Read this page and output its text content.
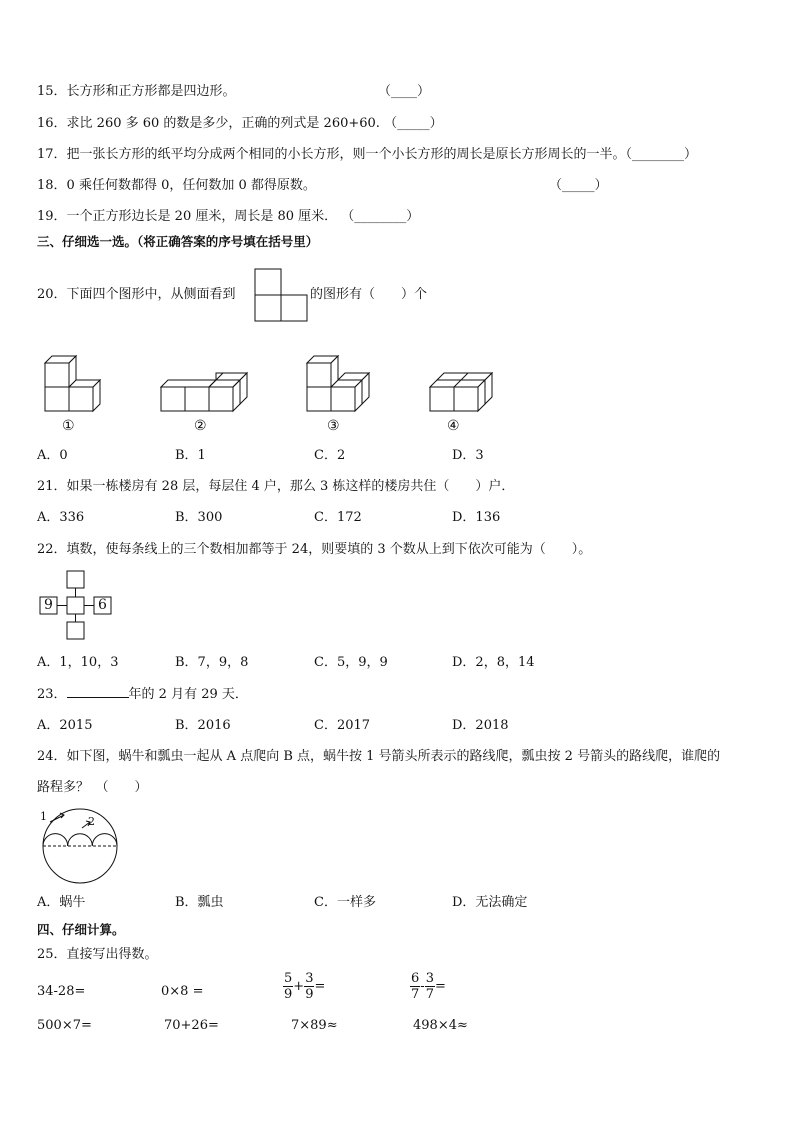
15．长方形和正方形都是四边形。	（____）
16．求比 260 多 60 的数是多少，正确的列式是 260+60. （_____）
17．把一张长方形的纸平均分成两个相同的小长方形，则一个小长方形的周长是原长方形周长的一半。（________）
18．0 乘任何数都得 0，任何数加 0 都得原数。	（_____）
19．一个正方形边长是 20 厘米，周长是 80 厘米． （________）
三、仔细选一选。（将正确答案的序号填在括号里）
20．下面四个图形中，从侧面看到	的图形有（　　）个
①	②	③	④
A．0	B．1	C．2	D．3
21．如果一栋楼房有 28 层，每层住 4 户，那么 3 栋这样的楼房共住（　　）户．
A．336	B．300	C．172	D．136
22．填数，使每条线上的三个数相加都等于 24，则要填的 3 个数从上到下依次可能为（　　）。
9	6
A．1，10，3	B．7，9，8	C．5，9，9	D．2，8，14
23．	年的 2 月有 29 天．
A．2015	B．2016	C．2017	D．2018
24．如下图，蜗牛和瓢虫一起从 A 点爬向 B 点，蜗牛按 1 号箭头所表示的路线爬，瓢虫按 2 号箭头的路线爬，谁爬的
路程多？　（　　）
1	2
A．蜗牛	B．瓢虫	C．一样多	D．无法确定
四、仔细计算。
25．直接写出得数。
34-28=	0×8 =	$\frac{5}{9} + \frac{3}{9}$ =	$\frac{6}{7} - \frac{3}{7}$ =
500×7=	70+26=	7×89≈	498×4≈
